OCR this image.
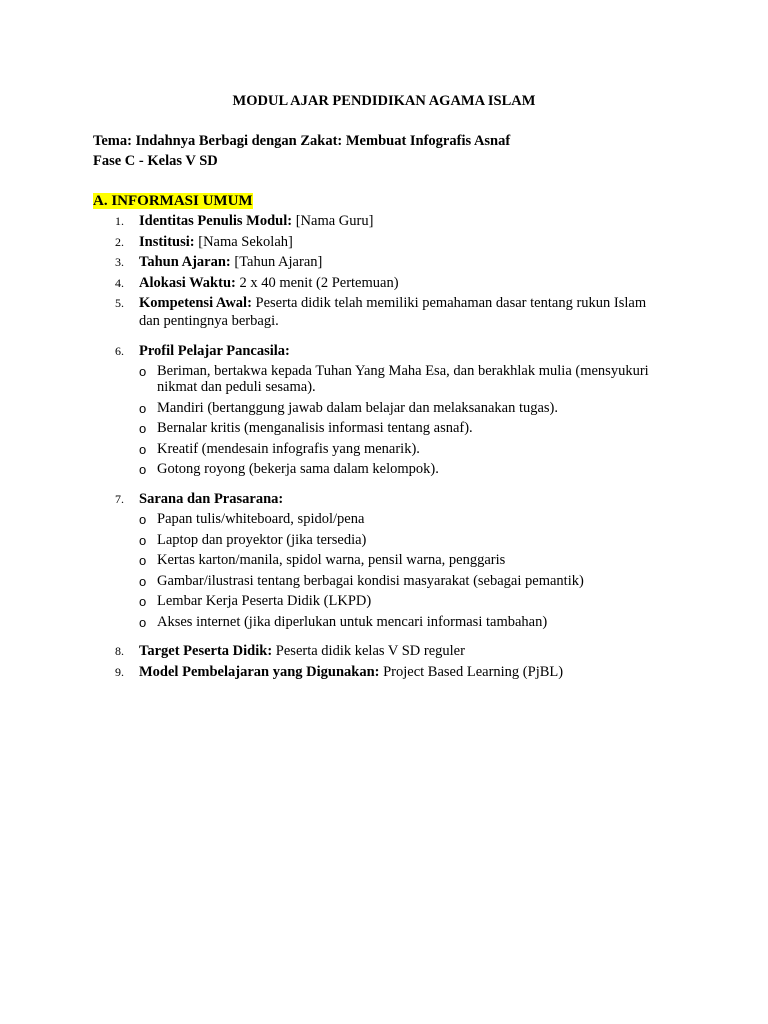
MODUL AJAR PENDIDIKAN AGAMA ISLAM
Tema: Indahnya Berbagi dengan Zakat: Membuat Infografis Asnaf
Fase C - Kelas V SD
A. INFORMASI UMUM
1. Identitas Penulis Modul: [Nama Guru]
2. Institusi: [Nama Sekolah]
3. Tahun Ajaran: [Tahun Ajaran]
4. Alokasi Waktu: 2 x 40 menit (2 Pertemuan)
5. Kompetensi Awal: Peserta didik telah memiliki pemahaman dasar tentang rukun Islam
dan pentingnya berbagi.
6. Profil Pelajar Pancasila:
o Beriman, bertakwa kepada Tuhan Yang Maha Esa, dan berakhlak mulia (mensyukuri
nikmat dan peduli sesama).
o Mandiri (bertanggung jawab dalam belajar dan melaksanakan tugas).
o Bernalar kritis (menganalisis informasi tentang asnaf).
o Kreatif (mendesain infografis yang menarik).
o Gotong royong (bekerja sama dalam kelompok).
7. Sarana dan Prasarana:
o Papan tulis/whiteboard, spidol/pena
o Laptop dan proyektor (jika tersedia)
o Kertas karton/manila, spidol warna, pensil warna, penggaris
o Gambar/ilustrasi tentang berbagai kondisi masyarakat (sebagai pemantik)
o Lembar Kerja Peserta Didik (LKPD)
o Akses internet (jika diperlukan untuk mencari informasi tambahan)
8. Target Peserta Didik: Peserta didik kelas V SD reguler
9. Model Pembelajaran yang Digunakan: Project Based Learning (PjBL)
